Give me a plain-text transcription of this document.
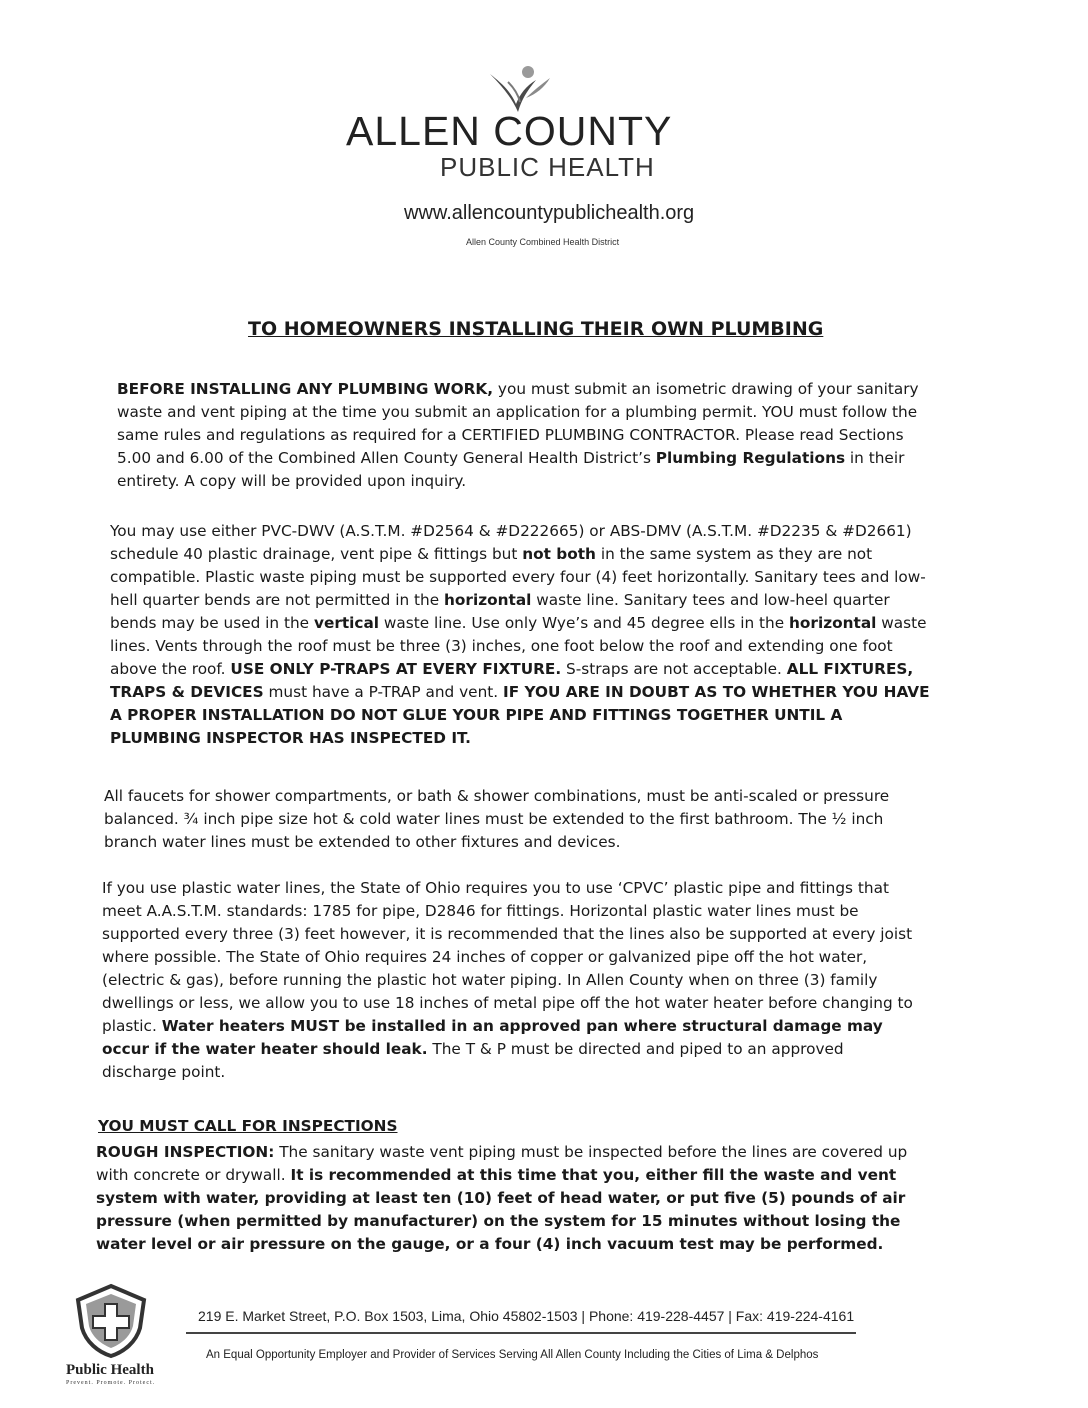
ALLEN COUNTY
PUBLIC HEALTH
www.allencountypublichealth.org
Allen County Combined Health District
TO HOMEOWNERS INSTALLING THEIR OWN PLUMBING
BEFORE INSTALLING ANY PLUMBING WORK, you must submit an isometric drawing of your sanitary waste and vent piping at the time you submit an application for a plumbing permit. YOU must follow the same rules and regulations as required for a CERTIFIED PLUMBING CONTRACTOR. Please read Sections 5.00 and 6.00 of the Combined Allen County General Health District’s Plumbing Regulations in their entirety. A copy will be provided upon inquiry.
You may use either PVC-DWV (A.S.T.M. #D2564 & #D222665) or ABS-DMV (A.S.T.M. #D2235 & #D2661) schedule 40 plastic drainage, vent pipe & fittings but not both in the same system as they are not compatible. Plastic waste piping must be supported every four (4) feet horizontally. Sanitary tees and low-hell quarter bends are not permitted in the horizontal waste line. Sanitary tees and low-heel quarter bends may be used in the vertical waste line. Use only Wye’s and 45 degree ells in the horizontal waste lines. Vents through the roof must be three (3) inches, one foot below the roof and extending one foot above the roof. USE ONLY P-TRAPS AT EVERY FIXTURE. S-straps are not acceptable. ALL FIXTURES, TRAPS & DEVICES must have a P-TRAP and vent. IF YOU ARE IN DOUBT AS TO WHETHER YOU HAVE A PROPER INSTALLATION DO NOT GLUE YOUR PIPE AND FITTINGS TOGETHER UNTIL A PLUMBING INSPECTOR HAS INSPECTED IT.
All faucets for shower compartments, or bath & shower combinations, must be anti-scaled or pressure balanced. ¾ inch pipe size hot & cold water lines must be extended to the first bathroom. The ½ inch branch water lines must be extended to other fixtures and devices.
If you use plastic water lines, the State of Ohio requires you to use ‘CPVC’ plastic pipe and fittings that meet A.A.S.T.M. standards: 1785 for pipe, D2846 for fittings. Horizontal plastic water lines must be supported every three (3) feet however, it is recommended that the lines also be supported at every joist where possible. The State of Ohio requires 24 inches of copper or galvanized pipe off the hot water, (electric & gas), before running the plastic hot water piping. In Allen County when on three (3) family dwellings or less, we allow you to use 18 inches of metal pipe off the hot water heater before changing to plastic. Water heaters MUST be installed in an approved pan where structural damage may occur if the water heater should leak. The T & P must be directed and piped to an approved discharge point.
YOU MUST CALL FOR INSPECTIONS
ROUGH INSPECTION: The sanitary waste vent piping must be inspected before the lines are covered up with concrete or drywall. It is recommended at this time that you, either fill the waste and vent system with water, providing at least ten (10) feet of head water, or put five (5) pounds of air pressure (when permitted by manufacturer) on the system for 15 minutes without losing the water level or air pressure on the gauge, or a four (4) inch vacuum test may be performed.
Public Health
Prevent. Promote. Protect.
219 E. Market Street, P.O. Box 1503, Lima, Ohio 45802-1503 | Phone: 419-228-4457 | Fax: 419-224-4161
An Equal Opportunity Employer and Provider of Services Serving All Allen County Including the Cities of Lima & Delphos
